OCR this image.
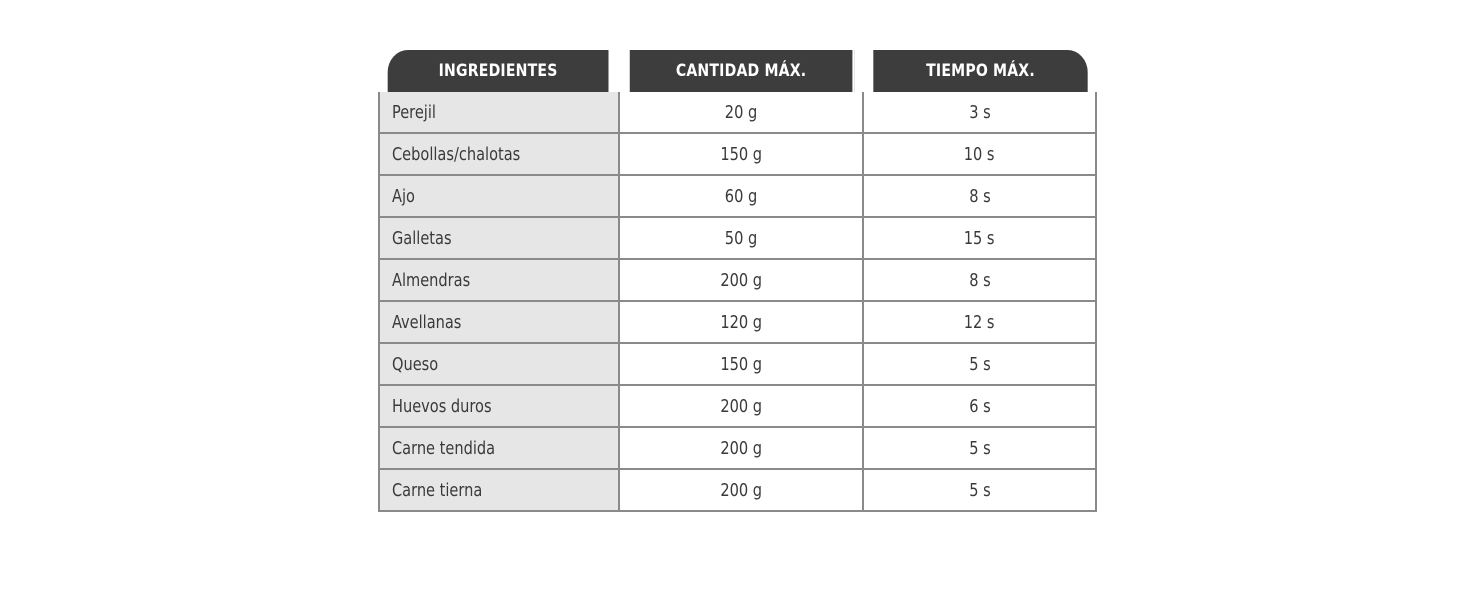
INGREDIENTES	CANTIDAD MÁX.	TIEMPO MÁX.
Perejil	20 g	3 s
Cebollas/chalotas	150 g	10 s
Ajo	60 g	8 s
Galletas	50 g	15 s
Almendras	200 g	8 s
Avellanas	120 g	12 s
Queso	150 g	5 s
Huevos duros	200 g	6 s
Carne tendida	200 g	5 s
Carne tierna	200 g	5 s
